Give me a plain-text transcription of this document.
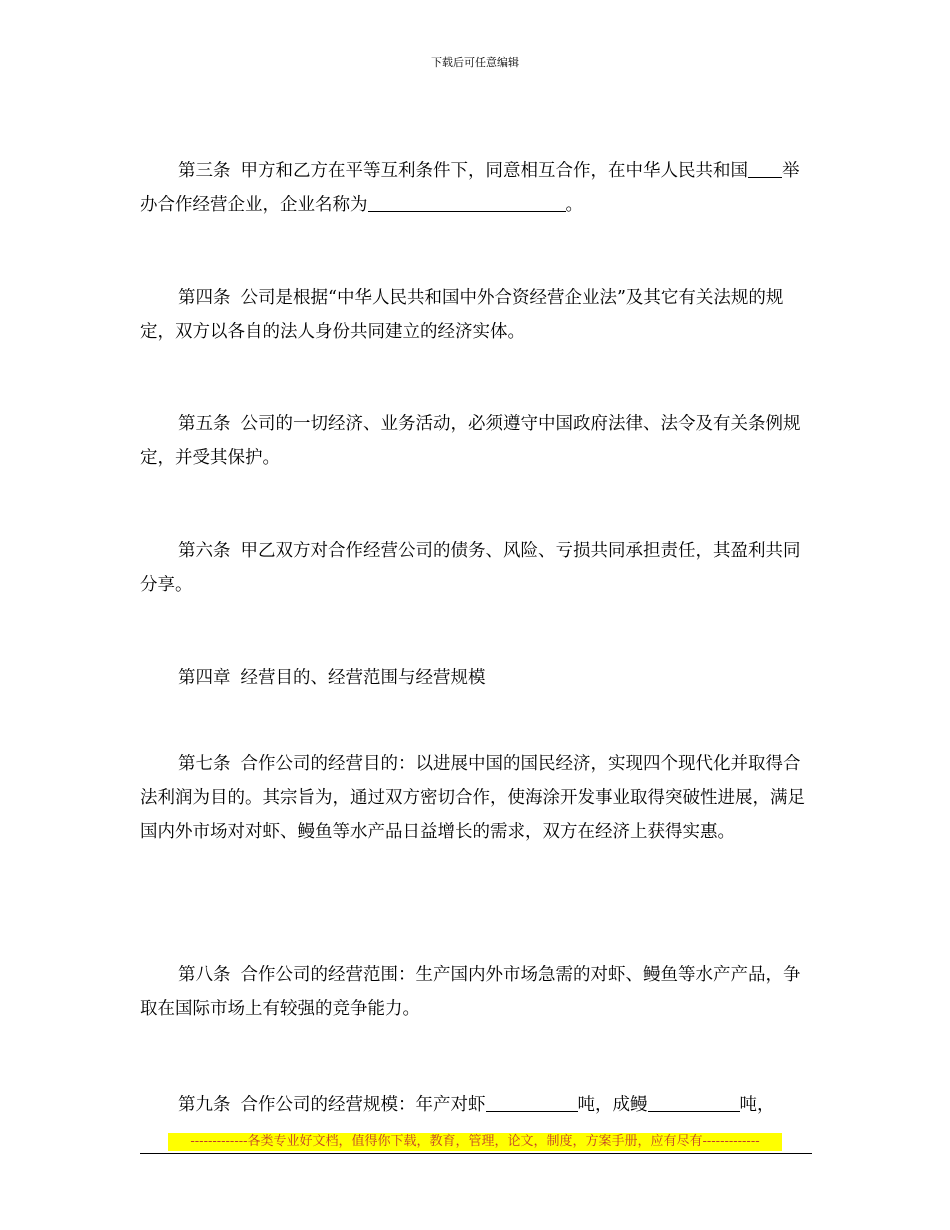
下载后可任意编辑

第三条 甲方和乙方在平等互利条件下，同意相互合作，在中华人民共和国 举办合作经营企业，企业名称为	。

第四条 公司是根据“中华人民共和国中外合资经营企业法”及其它有关法规的规定，双方以各自的法人身份共同建立的经济实体。

第五条 公司的一切经济、业务活动，必须遵守中国政府法律、法令及有关条例规定，并受其保护。

第六条 甲乙双方对合作经营公司的债务、风险、亏损共同承担责任，其盈利共同分享。

第四章 经营目的、经营范围与经营规模

第七条 合作公司的经营目的：以进展中国的国民经济，实现四个现代化并取得合法利润为目的。其宗旨为，通过双方密切合作，使海涂开发事业取得突破性进展，满足国内外市场对对虾、鳗鱼等水产品日益增长的需求，双方在经济上获得实惠。

第八条 合作公司的经营范围：生产国内外市场急需的对虾、鳗鱼等水产产品，争取在国际市场上有较强的竞争能力。

第九条 合作公司的经营规模：年产对虾	吨，成鳗	吨，

-------------各类专业好文档，值得你下载，教育，管理，论文，制度，方案手册，应有尽有-------------
